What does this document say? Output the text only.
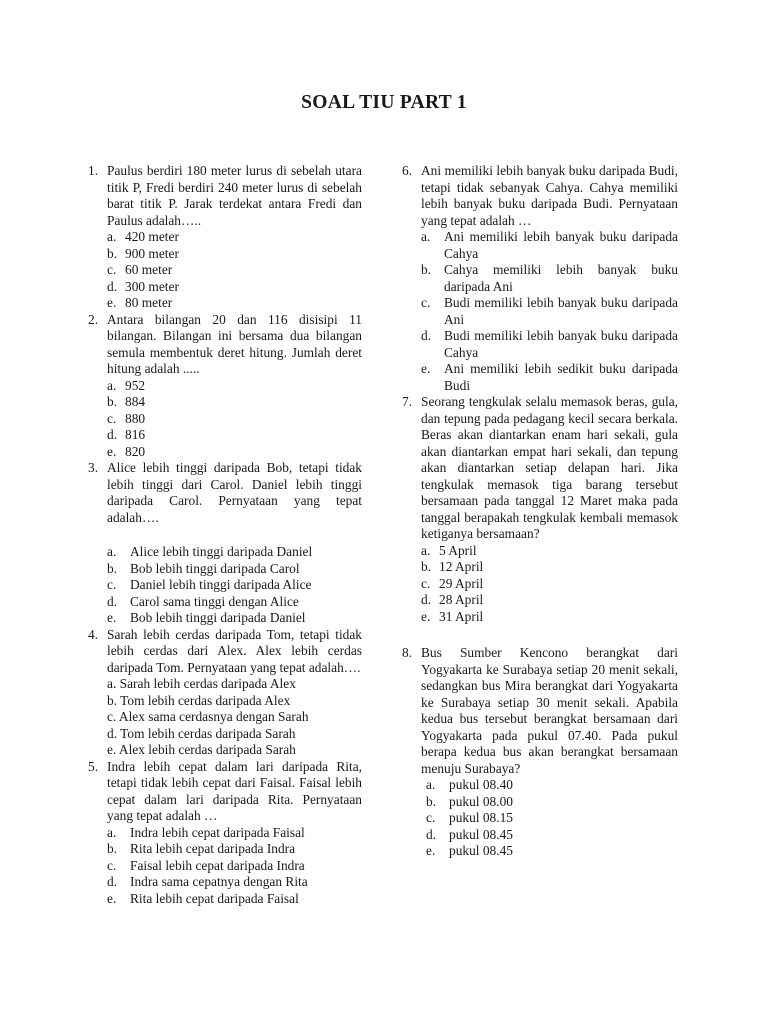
SOAL TIU PART 1
1. Paulus berdiri 180 meter lurus di sebelah utara titik P, Fredi berdiri 240 meter lurus di sebelah barat titik P. Jarak terdekat antara Fredi dan Paulus adalah…..
a. 420 meter
b. 900 meter
c. 60 meter
d. 300 meter
e. 80 meter
2. Antara bilangan 20 dan 116 disisipi 11 bilangan. Bilangan ini bersama dua bilangan semula membentuk deret hitung. Jumlah deret hitung adalah .....
a. 952
b. 884
c. 880
d. 816
e. 820
3. Alice lebih tinggi daripada Bob, tetapi tidak lebih tinggi dari Carol. Daniel lebih tinggi daripada Carol. Pernyataan yang tepat adalah….
a. Alice lebih tinggi daripada Daniel
b. Bob lebih tinggi daripada Carol
c. Daniel lebih tinggi daripada Alice
d. Carol sama tinggi dengan Alice
e. Bob lebih tinggi daripada Daniel
4. Sarah lebih cerdas daripada Tom, tetapi tidak lebih cerdas dari Alex. Alex lebih cerdas daripada Tom. Pernyataan yang tepat adalah….
a. Sarah lebih cerdas daripada Alex
b. Tom lebih cerdas daripada Alex
c. Alex sama cerdasnya dengan Sarah
d. Tom lebih cerdas daripada Sarah
e. Alex lebih cerdas daripada Sarah
5. Indra lebih cepat dalam lari daripada Rita, tetapi tidak lebih cepat dari Faisal. Faisal lebih cepat dalam lari daripada Rita. Pernyataan yang tepat adalah …
a. Indra lebih cepat daripada Faisal
b. Rita lebih cepat daripada Indra
c. Faisal lebih cepat daripada Indra
d. Indra sama cepatnya dengan Rita
e. Rita lebih cepat daripada Faisal
6. Ani memiliki lebih banyak buku daripada Budi, tetapi tidak sebanyak Cahya. Cahya memiliki lebih banyak buku daripada Budi. Pernyataan yang tepat adalah …
a. Ani memiliki lebih banyak buku daripada Cahya
b. Cahya memiliki lebih banyak buku daripada Ani
c. Budi memiliki lebih banyak buku daripada Ani
d. Budi memiliki lebih banyak buku daripada Cahya
e. Ani memiliki lebih sedikit buku daripada Budi
7. Seorang tengkulak selalu memasok beras, gula, dan tepung pada pedagang kecil secara berkala. Beras akan diantarkan enam hari sekali, gula akan diantarkan empat hari sekali, dan tepung akan diantarkan setiap delapan hari. Jika tengkulak memasok tiga barang tersebut bersamaan pada tanggal 12 Maret maka pada tanggal berapakah tengkulak kembali memasok ketiganya bersamaan?
a. 5 April
b. 12 April
c. 29 April
d. 28 April
e. 31 April
8. Bus Sumber Kencono berangkat dari Yogyakarta ke Surabaya setiap 20 menit sekali, sedangkan bus Mira berangkat dari Yogyakarta ke Surabaya setiap 30 menit sekali. Apabila kedua bus tersebut berangkat bersamaan dari Yogyakarta pada pukul 07.40. Pada pukul berapa kedua bus akan berangkat bersamaan menuju Surabaya?
a. pukul 08.40
b. pukul 08.00
c. pukul 08.15
d. pukul 08.45
e. pukul 08.45
